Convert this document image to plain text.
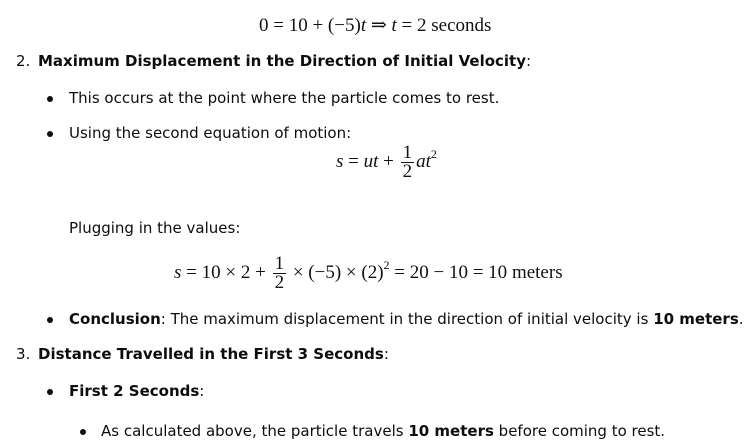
0 = 10 + (−5)t ⇒ t = 2 seconds
2. Maximum Displacement in the Direction of Initial Velocity:
This occurs at the point where the particle comes to rest.
Using the second equation of motion:
s = ut + $\frac{1}{2} at^2$
Plugging in the values:
$s = 10 \times 2 + \frac{1}{2} \times (-5) \times (2)^2 = 20 - 10 = 10$ meters
Conclusion: The maximum displacement in the direction of initial velocity is 10 meters.
3. Distance Travelled in the First 3 Seconds:
First 2 Seconds:
As calculated above, the particle travels 10 meters before coming to rest.
